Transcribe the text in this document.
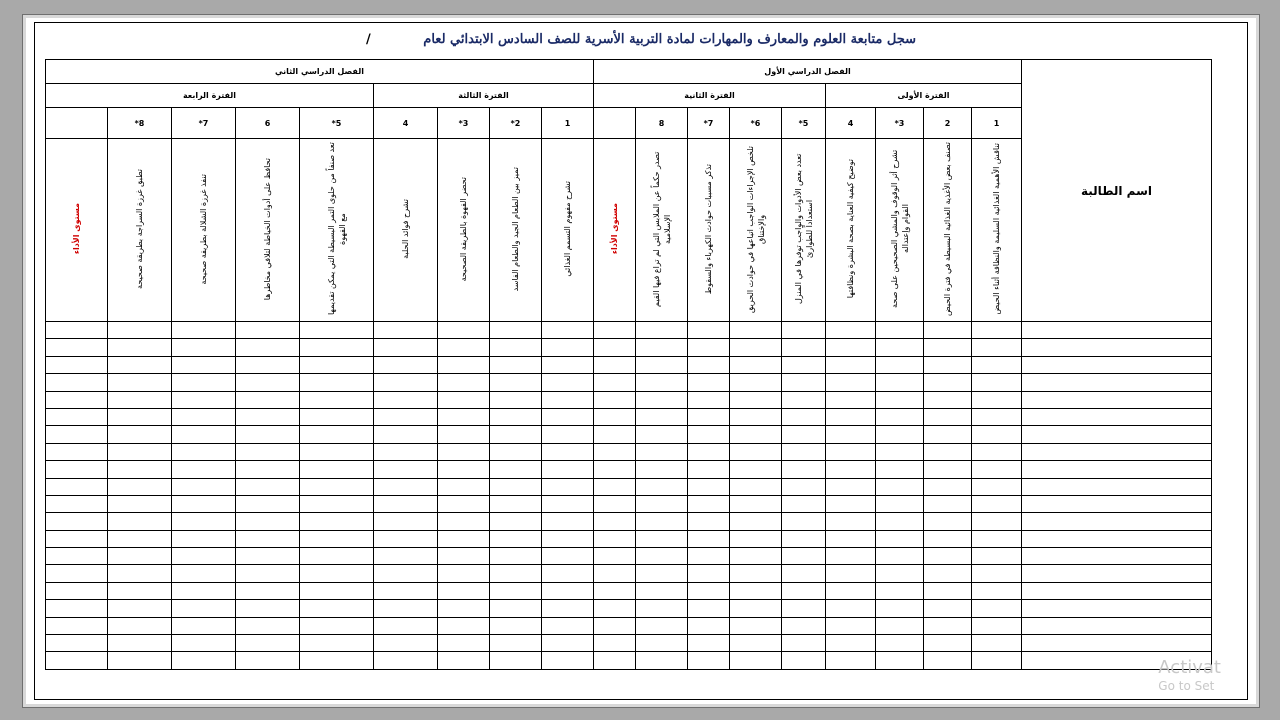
سجل متابعة العلوم والمعارف والمهارات لمادة التربية الأسرية للصف السادس الابتدائي لعام /
اسم الطالبة	الفصل الدراسي الأول									الفصل الدراسي الثاني								
	الفترة الأولى				الفترة الثانية					الفترة الثالثة				الفترة الرابعة				
	1	2	3*	4	5*	6*	7*	8		1	2*	3*	4	5*	6	7*	8*	
	تناقش الأهمية الغذائية السليمة والنظافة أثناء الحيض	تصنف بعض الأغذية الغذائية البسيطة في فترة الحيض	تشرح أثر الوقوف والمشي الصحيحين على صحة القوام وإعتداله	توضيح كيفية العناية بصحة البشرة ونظافتها	تعدد بعض الأدوات والواجب توفرها في المنزل استعداداً للطوارئ	تلخص الإجراءات الواجب اتباعها في حوادث الحريق والإختناق	تذكر مسببات حوادث الكهرباء والسقوط	تصدر حكماً عن الملابس التي لم تراع فيها القيم الإسلامية	مستوى الأداء	تشرح مفهوم التسمم الغذائي	تميز بين الطعام الجيد والطعام الفاسد	تحضر القهوة بالطريقة الصحيحة	تشرح فوائد الحلبة	تعد صنفاً من حلوى التمر البسيطة التي يمكن تقديمها مع القهوة	تحافظ على أدوات الخياطة لتلافي مخاطرها	تنفذ غرزة الشلالة بطريقة صحيحة	تطبق غرزة السراجة بطريقة صحيحة	مستوى الأداء

Activat
Go to Set
